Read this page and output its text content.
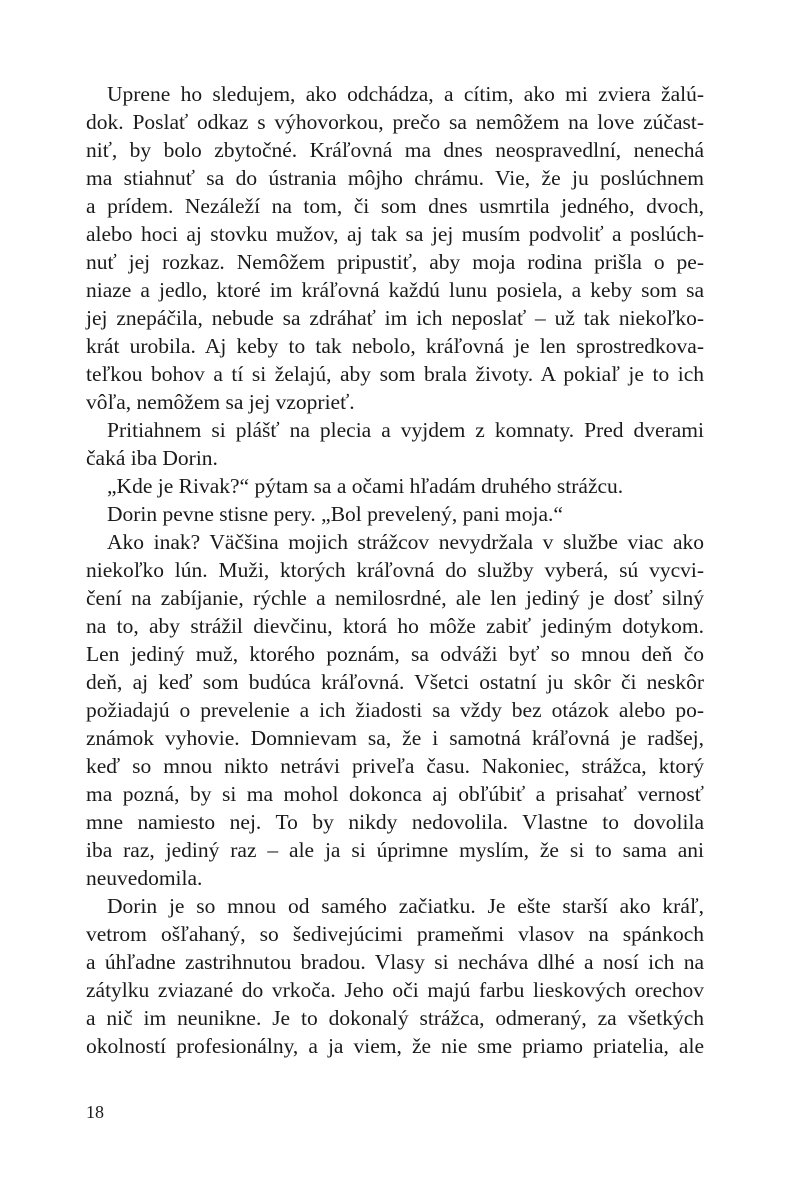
Uprene ho sledujem, ako odchádza, a cítim, ako mi zviera žalú-
dok. Poslať odkaz s výhovorkou, prečo sa nemôžem na love zúčast-
niť, by bolo zbytočné. Kráľovná ma dnes neospravedlní, nenechá
ma stiahnuť sa do ústrania môjho chrámu. Vie, že ju poslúchnem
a prídem. Nezáleží na tom, či som dnes usmrtila jedného, dvoch,
alebo hoci aj stovku mužov, aj tak sa jej musím podvoliť a poslúch-
nuť jej rozkaz. Nemôžem pripustiť, aby moja rodina prišla o pe-
niaze a jedlo, ktoré im kráľovná každú lunu posiela, a keby som sa
jej znepáčila, nebude sa zdráhať im ich neposlať – už tak niekoľko-
krát urobila. Aj keby to tak nebolo, kráľovná je len sprostredkova-
teľkou bohov a tí si želajú, aby som brala životy. A pokiaľ je to ich
vôľa, nemôžem sa jej vzoprieť.
Pritiahnem si plášť na plecia a vyjdem z komnaty. Pred dverami
čaká iba Dorin.
„Kde je Rivak?“ pýtam sa a očami hľadám druhého strážcu.
Dorin pevne stisne pery. „Bol prevelený, pani moja.“
Ako inak? Väčšina mojich strážcov nevydržala v službe viac ako
niekoľko lún. Muži, ktorých kráľovná do služby vyberá, sú vycvi-
čení na zabíjanie, rýchle a nemilosrdné, ale len jediný je dosť silný
na to, aby strážil dievčinu, ktorá ho môže zabiť jediným dotykom.
Len jediný muž, ktorého poznám, sa odváži byť so mnou deň čo
deň, aj keď som budúca kráľovná. Všetci ostatní ju skôr či neskôr
požiadajú o prevelenie a ich žiadosti sa vždy bez otázok alebo po-
známok vyhovie. Domnievam sa, že i samotná kráľovná je radšej,
keď so mnou nikto netrávi priveľa času. Nakoniec, strážca, ktorý
ma pozná, by si ma mohol dokonca aj obľúbiť a prisahať vernosť
mne namiesto nej. To by nikdy nedovolila. Vlastne to dovolila
iba raz, jediný raz – ale ja si úprimne myslím, že si to sama ani
neuvedomila.
Dorin je so mnou od samého začiatku. Je ešte starší ako kráľ,
vetrom ošľahaný, so šedivejúcimi prameňmi vlasov na spánkoch
a úhľadne zastrihnutou bradou. Vlasy si nechávа dlhé a nosí ich na
zátylku zviazané do vrkoča. Jeho oči majú farbu lieskových orechov
a nič im neunikne. Je to dokonalý strážca, odmeraný, za všetkých
okolností profesionálny, a ja viem, že nie sme priamo priatelia, ale
18
